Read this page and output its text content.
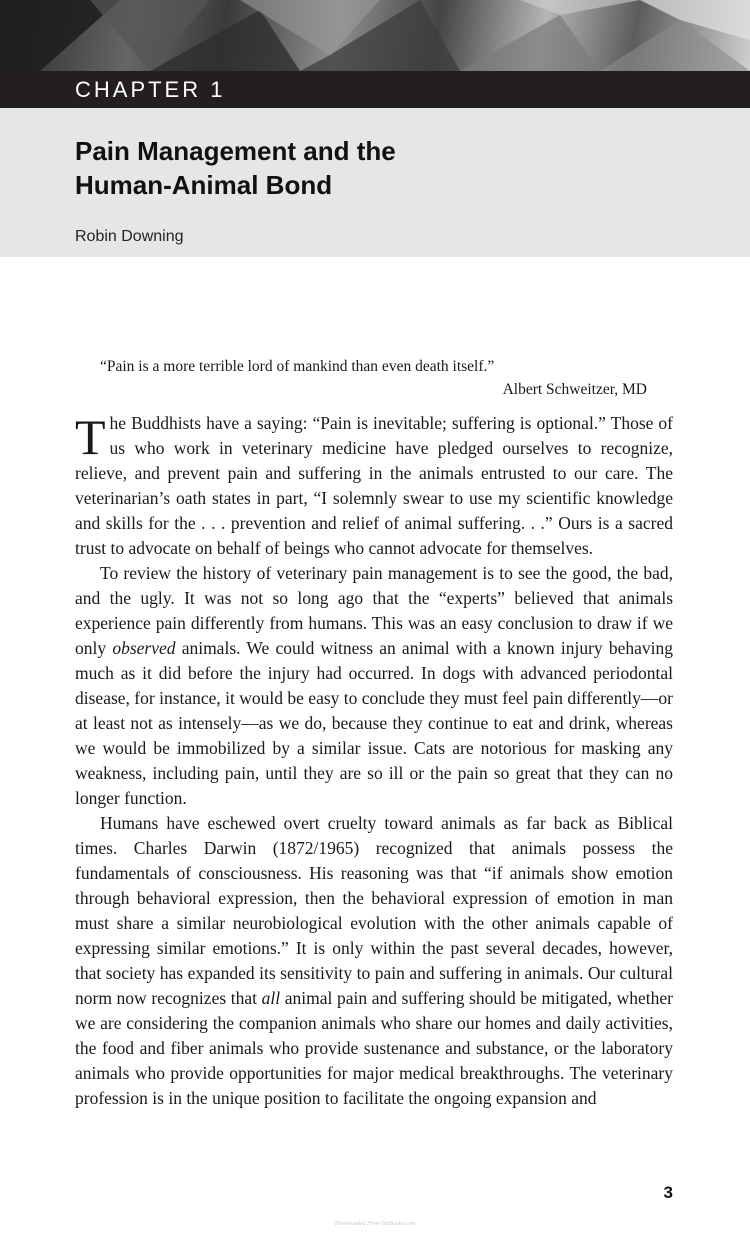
CHAPTER 1
Pain Management and the
Human-Animal Bond
Robin Downing
“Pain is a more terrible lord of mankind than even death itself.”
Albert Schweitzer, MD

The Buddhists have a saying: “Pain is inevitable; suffering is optional.” Those of us who work in veterinary medicine have pledged ourselves to recognize, relieve, and prevent pain and suffering in the animals entrusted to our care. The veterinarian’s oath states in part, “I solemnly swear to use my scientific knowledge and skills for the . . . prevention and relief of animal suffering. . .” Ours is a sacred trust to advocate on behalf of beings who cannot advocate for themselves.

To review the history of veterinary pain management is to see the good, the bad, and the ugly. It was not so long ago that the “experts” believed that animals experience pain differently from humans. This was an easy conclusion to draw if we only observed animals. We could witness an animal with a known injury behaving much as it did before the injury had occurred. In dogs with advanced periodontal disease, for instance, it would be easy to conclude they must feel pain differently—or at least not as intensely—as we do, because they continue to eat and drink, whereas we would be immobilized by a similar issue. Cats are notorious for masking any weakness, including pain, until they are so ill or the pain so great that they can no longer function.

Humans have eschewed overt cruelty toward animals as far back as Biblical times. Charles Darwin (1872/1965) recognized that animals possess the fundamentals of consciousness. His reasoning was that “if animals show emotion through behavioral expression, then the behavioral expression of emotion in man must share a similar neurobiological evolution with the other animals capable of expressing similar emotions.” It is only within the past several decades, however, that society has expanded its sensitivity to pain and suffering in animals. Our cultural norm now recognizes that all animal pain and suffering should be mitigated, whether we are considering the companion animals who share our homes and daily activities, the food and fiber animals who provide sustenance and substance, or the laboratory animals who provide opportunities for major medical breakthroughs. The veterinary profession is in the unique position to facilitate the ongoing expansion and

3
Downloaded From VetBooks.com
